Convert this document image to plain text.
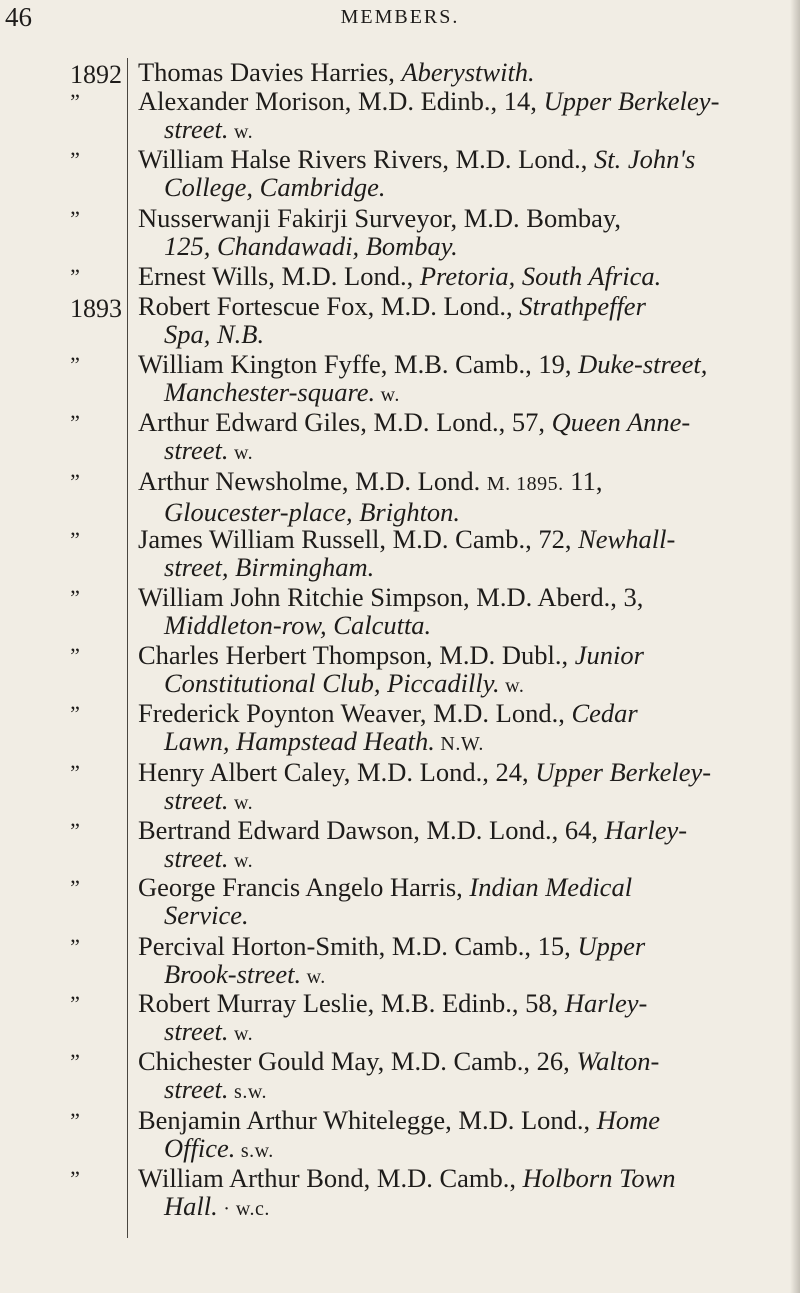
46	MEMBERS.
1892 Thomas Davies Harries, Aberystwith.
”	Alexander Morison, M.D. Edinb., 14, Upper Berkeley-
street. w.
”	William Halse Rivers Rivers, M.D. Lond., St. John's
College, Cambridge.
”	Nusserwanji Fakirji Surveyor, M.D. Bombay,
125, Chandawadi, Bombay.
”	Ernest Wills, M.D. Lond., Pretoria, South Africa.
1893 Robert Fortescue Fox, M.D. Lond., Strathpeffer
Spa, N.B.
”	William Kington Fyffe, M.B. Camb., 19, Duke-street,
Manchester-square. w.
”	Arthur Edward Giles, M.D. Lond., 57, Queen Anne-
street. w.
”	Arthur Newsholme, M.D. Lond. M. 1895. 11,
Gloucester-place, Brighton.
”	James William Russell, M.D. Camb., 72, Newhall-
street, Birmingham.
”	William John Ritchie Simpson, M.D. Aberd., 3,
Middleton-row, Calcutta.
”	Charles Herbert Thompson, M.D. Dubl., Junior
Constitutional Club, Piccadilly. w.
”	Frederick Poynton Weaver, M.D. Lond., Cedar
Lawn, Hampstead Heath. N.W.
”	Henry Albert Caley, M.D. Lond., 24, Upper Berkeley-
street. w.
”	Bertrand Edward Dawson, M.D. Lond., 64, Harley-
street. w.
”	George Francis Angelo Harris, Indian Medical
Service.
”	Percival Horton-Smith, M.D. Camb., 15, Upper
Brook-street. w.
”	Robert Murray Leslie, M.B. Edinb., 58, Harley-
street. w.
”	Chichester Gould May, M.D. Camb., 26, Walton-
street. s.w.
”	Benjamin Arthur Whitelegge, M.D. Lond., Home
Office. s.w.
”	William Arthur Bond, M.D. Camb., Holborn Town
Hall. · w.c.
